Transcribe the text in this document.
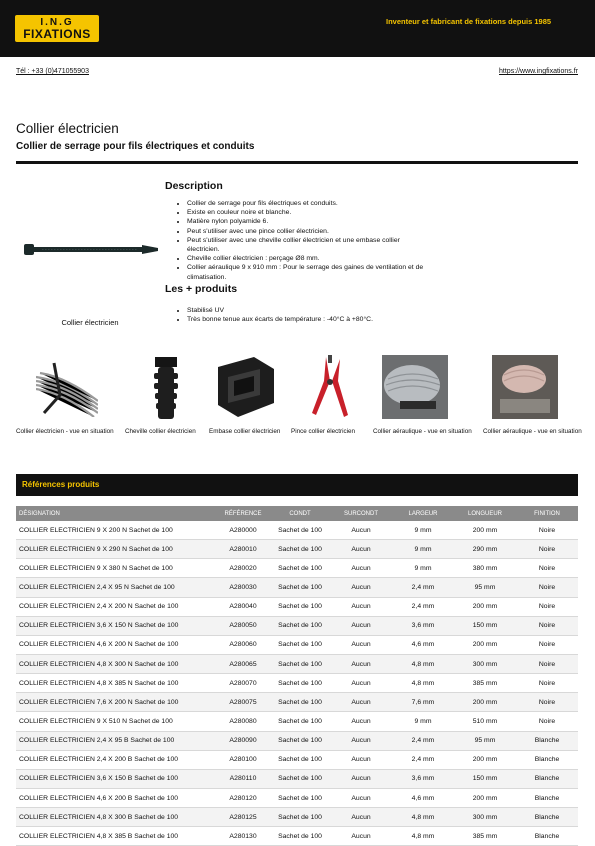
I.N.G
FIXATIONS
Inventeur et fabricant de fixations depuis 1985
Tél : +33 (0)471055903	https://www.ingfixations.fr
Collier électricien
Collier de serrage pour fils électriques et conduits
Collier électricien
Description
• Collier de serrage pour fils électriques et conduits.
• Existe en couleur noire et blanche.
• Matière nylon polyamide 6.
• Peut s'utiliser avec une pince collier électricien.
• Peut s'utiliser avec une cheville collier électricien et une embase collier électricien.
• Cheville collier électricien : perçage Ø8 mm.
• Collier aéraulique 9 x 910 mm : Pour le serrage des gaines de ventilation et de climatisation.
Les + produits
• Stabilisé UV
• Très bonne tenue aux écarts de température : -40°C à +80°C.
Collier électricien - vue en situation	Cheville collier électricien Embase collier électricien Pince collier électricien	Collier aéraulique - vue en situation Collier aéraulique - vue en situation
Références produits
DÉSIGNATION	RÉFÉRENCE	CONDT	SURCONDT	LARGEUR	LONGUEUR	FINITION
COLLIER ELECTRICIEN 9 X 200 N Sachet de 100	A280000	Sachet de 100	Aucun	9 mm	200 mm	Noire
COLLIER ELECTRICIEN 9 X 290 N Sachet de 100	A280010	Sachet de 100	Aucun	9 mm	290 mm	Noire
COLLIER ELECTRICIEN 9 X 380 N Sachet de 100	A280020	Sachet de 100	Aucun	9 mm	380 mm	Noire
COLLIER ELECTRICIEN 2,4 X 95 N Sachet de 100	A280030	Sachet de 100	Aucun	2,4 mm	95 mm	Noire
COLLIER ELECTRICIEN 2,4 X 200 N Sachet de 100	A280040	Sachet de 100	Aucun	2,4 mm	200 mm	Noire
COLLIER ELECTRICIEN 3,6 X 150 N Sachet de 100	A280050	Sachet de 100	Aucun	3,6 mm	150 mm	Noire
COLLIER ELECTRICIEN 4,6 X 200 N Sachet de 100	A280060	Sachet de 100	Aucun	4,6 mm	200 mm	Noire
COLLIER ELECTRICIEN 4,8 X 300 N Sachet de 100	A280065	Sachet de 100	Aucun	4,8 mm	300 mm	Noire
COLLIER ELECTRICIEN 4,8 X 385 N Sachet de 100	A280070	Sachet de 100	Aucun	4,8 mm	385 mm	Noire
COLLIER ELECTRICIEN 7,6 X 200 N Sachet de 100	A280075	Sachet de 100	Aucun	7,6 mm	200 mm	Noire
COLLIER ELECTRICIEN 9 X 510 N Sachet de 100	A280080	Sachet de 100	Aucun	9 mm	510 mm	Noire
COLLIER ELECTRICIEN 2,4 X 95 B Sachet de 100	A280090	Sachet de 100	Aucun	2,4 mm	95 mm	Blanche
COLLIER ELECTRICIEN 2,4 X 200 B Sachet de 100	A280100	Sachet de 100	Aucun	2,4 mm	200 mm	Blanche
COLLIER ELECTRICIEN 3,6 X 150 B Sachet de 100	A280110	Sachet de 100	Aucun	3,6 mm	150 mm	Blanche
COLLIER ELECTRICIEN 4,6 X 200 B Sachet de 100	A280120	Sachet de 100	Aucun	4,6 mm	200 mm	Blanche
COLLIER ELECTRICIEN 4,8 X 300 B Sachet de 100	A280125	Sachet de 100	Aucun	4,8 mm	300 mm	Blanche
COLLIER ELECTRICIEN 4,8 X 385 B Sachet de 100	A280130	Sachet de 100	Aucun	4,8 mm	385 mm	Blanche
